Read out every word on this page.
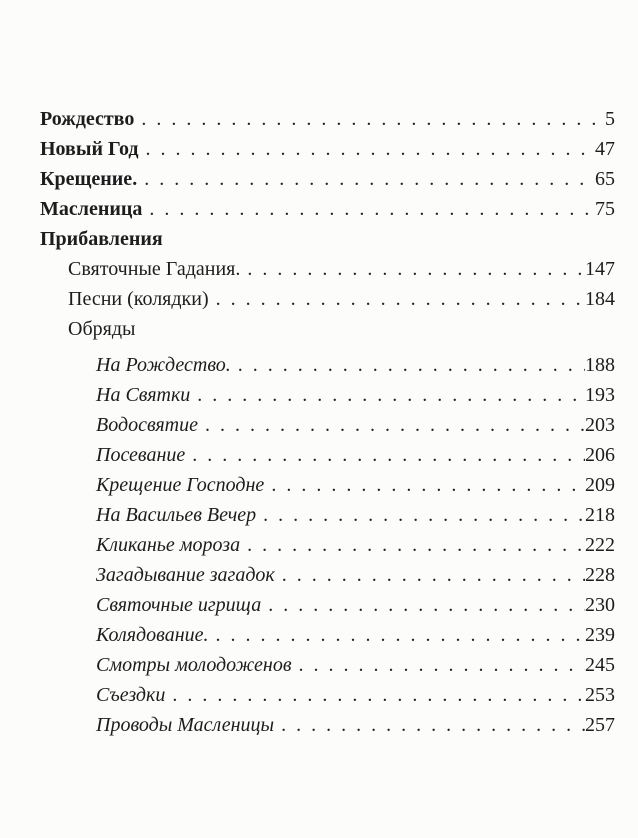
Рождество .....	5
Новый Год .....	47
Крещение. .....	65
Масленица .....	75
Прибавления
Святочные Гадания. .....	147
Песни (колядки) .....	184
Обряды
На Рождество. .....	188
На Святки .....	193
Водосвятие .....	203
Посевание .....	206
Крещение Господне .....	209
На Васильев Вечер .....	218
Кликанье мороза .....	222
Загадывание загадок .....	228
Святочные игрища .....	230
Колядование. .....	239
Смотры молодоженов .....	245
Съездки .....	253
Проводы Масленицы .....	257
